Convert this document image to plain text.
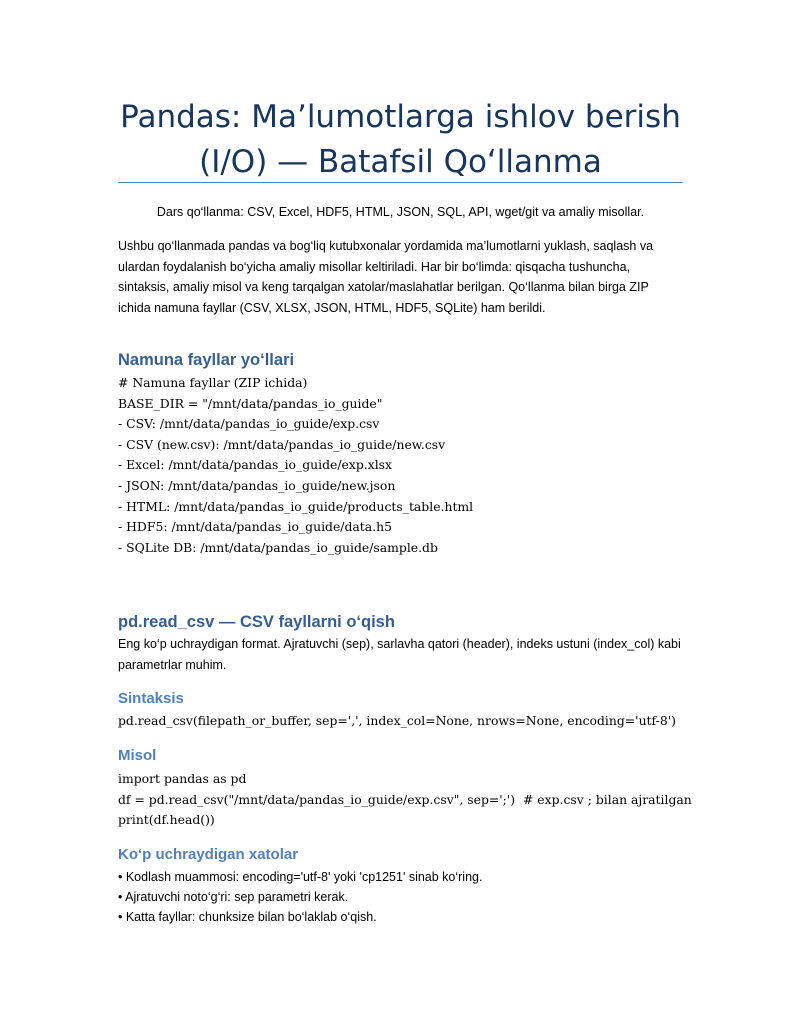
Pandas: Ma’lumotlarga ishlov berish (I/O) — Batafsil Qo‘llanma
Dars qo‘llanma: CSV, Excel, HDF5, HTML, JSON, SQL, API, wget/git va amaliy misollar.

Ushbu qo‘llanmada pandas va bog‘liq kutubxonalar yordamida ma’lumotlarni yuklash, saqlash va ulardan foydalanish bo‘yicha amaliy misollar keltiriladi. Har bir bo‘limda: qisqacha tushuncha, sintaksis, amaliy misol va keng tarqalgan xatolar/maslahatlar berilgan. Qo‘llanma bilan birga ZIP ichida namuna fayllar (CSV, XLSX, JSON, HTML, HDF5, SQLite) ham berildi.

Namuna fayllar yo‘llari
# Namuna fayllar (ZIP ichida)
BASE_DIR = "/mnt/data/pandas_io_guide"
- CSV: /mnt/data/pandas_io_guide/exp.csv
- CSV (new.csv): /mnt/data/pandas_io_guide/new.csv
- Excel: /mnt/data/pandas_io_guide/exp.xlsx
- JSON: /mnt/data/pandas_io_guide/new.json
- HTML: /mnt/data/pandas_io_guide/products_table.html
- HDF5: /mnt/data/pandas_io_guide/data.h5
- SQLite DB: /mnt/data/pandas_io_guide/sample.db
pd.read_csv — CSV fayllarni o‘qish
Eng ko‘p uchraydigan format. Ajratuvchi (sep), sarlavha qatori (header), indeks ustuni (index_col) kabi parametrlar muhim.
Sintaksis
pd.read_csv(filepath_or_buffer, sep=',', index_col=None, nrows=None, encoding='utf-8')
Misol
import pandas as pd
df = pd.read_csv("/mnt/data/pandas_io_guide/exp.csv", sep=';')  # exp.csv ; bilan ajratilgan
print(df.head())
Ko‘p uchraydigan xatolar
• Kodlash muammosi: encoding='utf-8' yoki 'cp1251' sinab ko‘ring.
• Ajratuvchi noto‘g‘ri: sep parametri kerak.
• Katta fayllar: chunksize bilan bo‘laklab o‘qish.
